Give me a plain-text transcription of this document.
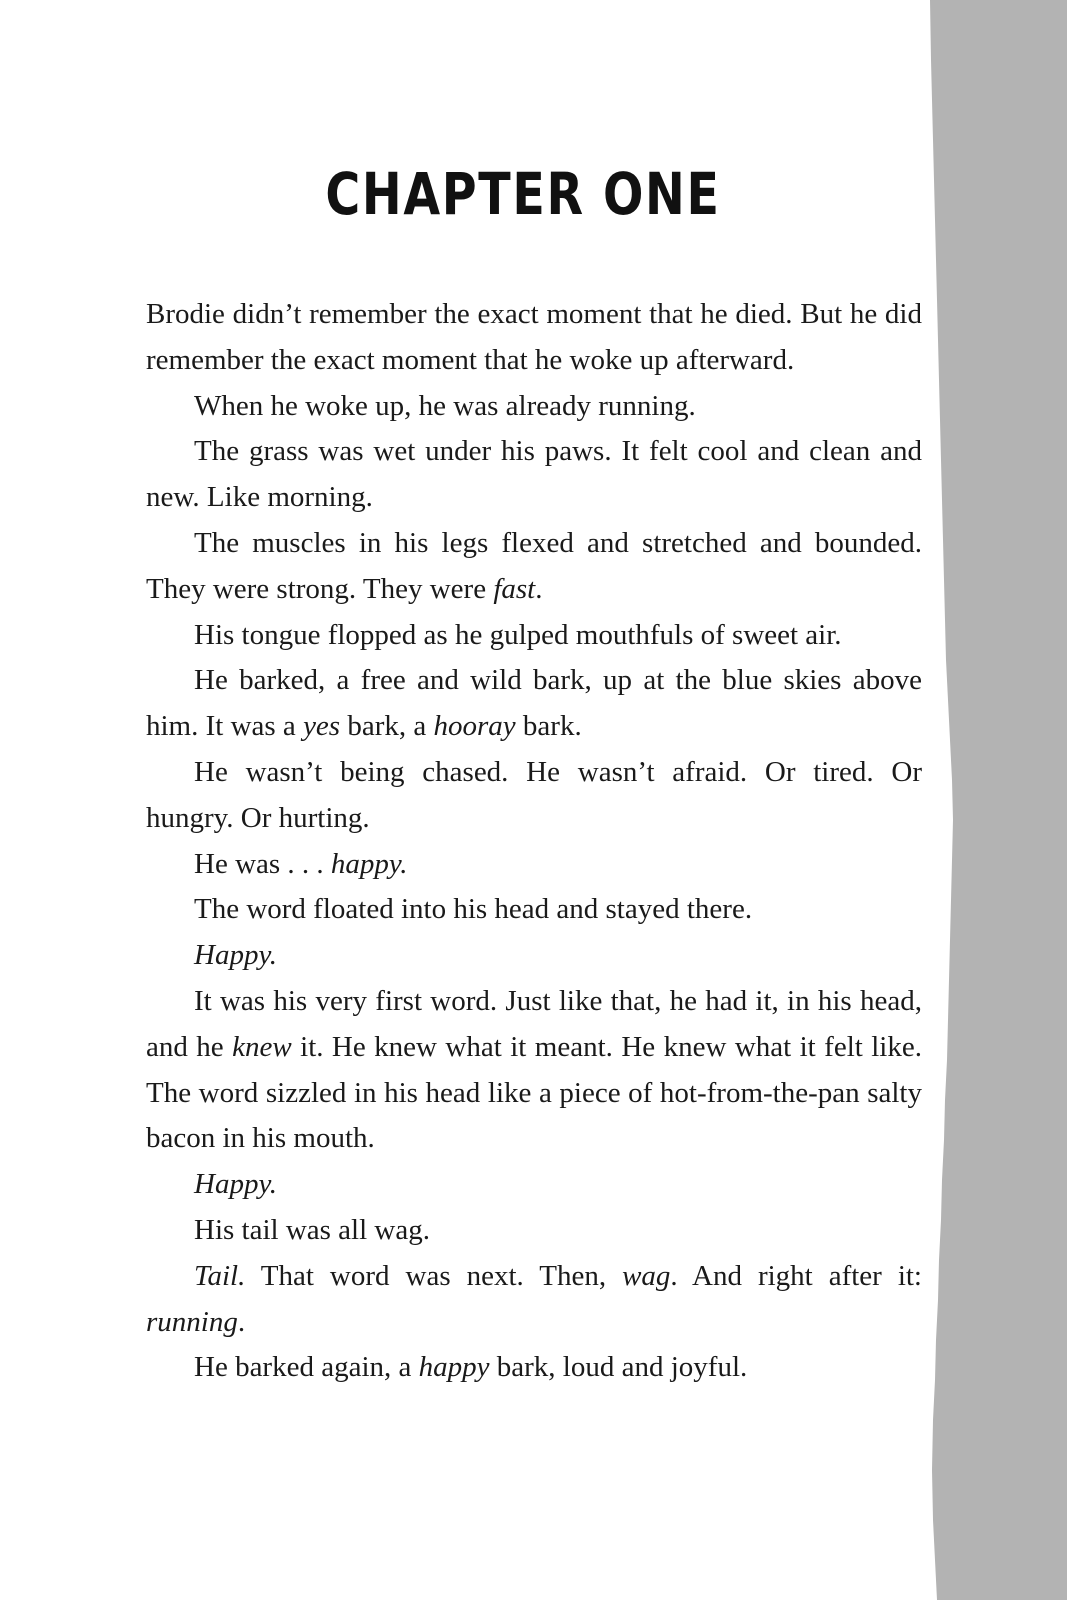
CHAPTER ONE

Brodie didn’t remember the exact moment that he died. But he did remember the exact moment that he woke up afterward.

When he woke up, he was already running.

The grass was wet under his paws. It felt cool and clean and new. Like morning.

The muscles in his legs flexed and stretched and bounded. They were strong. They were fast.

His tongue flopped as he gulped mouthfuls of sweet air.

He barked, a free and wild bark, up at the blue skies above him. It was a yes bark, a hooray bark.

He wasn’t being chased. He wasn’t afraid. Or tired. Or hungry. Or hurting.

He was . . . happy.

The word floated into his head and stayed there.

Happy.

It was his very first word. Just like that, he had it, in his head, and he knew it. He knew what it meant. He knew what it felt like. The word sizzled in his head like a piece of hot-from-the-pan salty bacon in his mouth.

Happy.

His tail was all wag.

Tail. That word was next. Then, wag. And right after it: running.

He barked again, a happy bark, loud and joyful.
